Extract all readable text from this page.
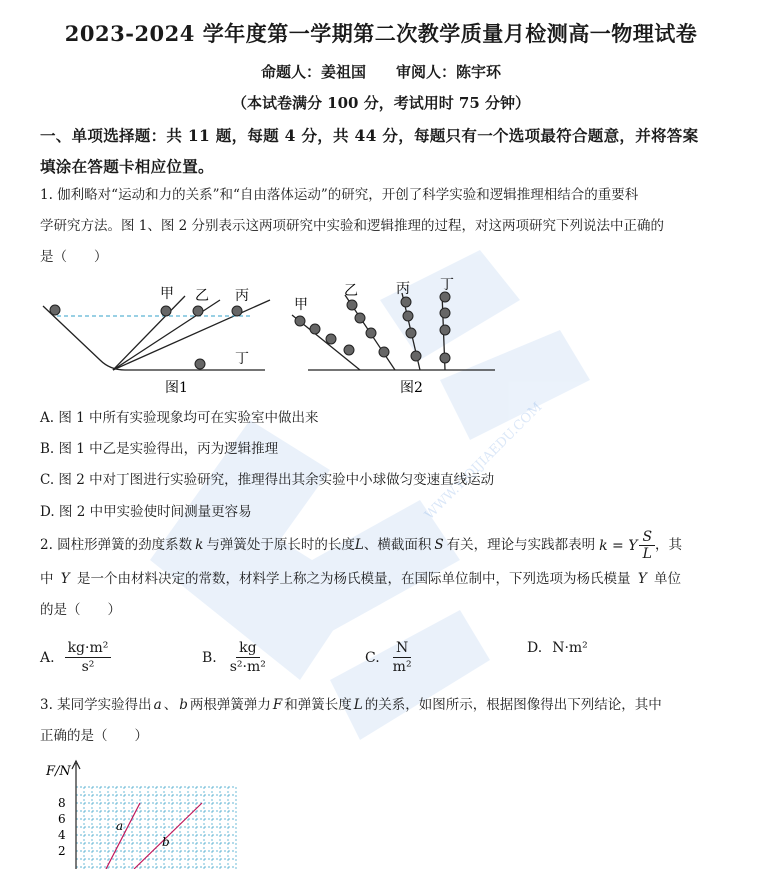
WWW.YIQIJIAEDU.COM
2023-2024 学年度第一学期第二次教学质量月检测高一物理试卷
命题人：姜祖国　　审阅人：陈宇环
（本试卷满分 100 分，考试用时 75 分钟）
一、单项选择题：共 11 题，每题 4 分，共 44 分，每题只有一个选项最符合题意，并将答案
填涂在答题卡相应位置。
1. 伽利略对“运动和力的关系”和“自由落体运动”的研究，开创了科学实验和逻辑推理相结合的重要科
学研究方法。图 1、图 2 分别表示这两项研究中实验和逻辑推理的过程，对这两项研究下列说法中正确的
是（　　）
甲 乙 丙
丁
图1
甲
乙	丙 丁
图2
A. 图 1 中所有实验现象均可在实验室中做出来
B. 图 1 中乙是实验得出，丙为逻辑推理
C. 图 2 中对丁图进行实验研究，推理得出其余实验中小球做匀变速直线运动
D. 图 2 中甲实验使时间测量更容易
2. 圆柱形弹簧的劲度系数 k 与弹簧处于原长时的长度 L 、横截面积 S 有关，理论与实践都表明 k = Y $\frac{S}{L}$ ，其
中 Y 是一个由材料决定的常数，材料学上称之为杨氏模量，在国际单位制中，下列选项为杨氏模量 Y 单位
的是（　　）
A. $\frac{\text{kg·m²}}{\text{s²}}$	B. $\frac{kg}{\text{s²·m²}}$	C. $\frac{N}{\text{m²}}$	D. N·m²
3. 某同学实验得出 a 、 b 两根弹簧弹力 F 和弹簧长度 L 的关系，如图所示，根据图像得出下列结论，其中
正确的是（　　）
F/N
8
6
4
2
a
b
